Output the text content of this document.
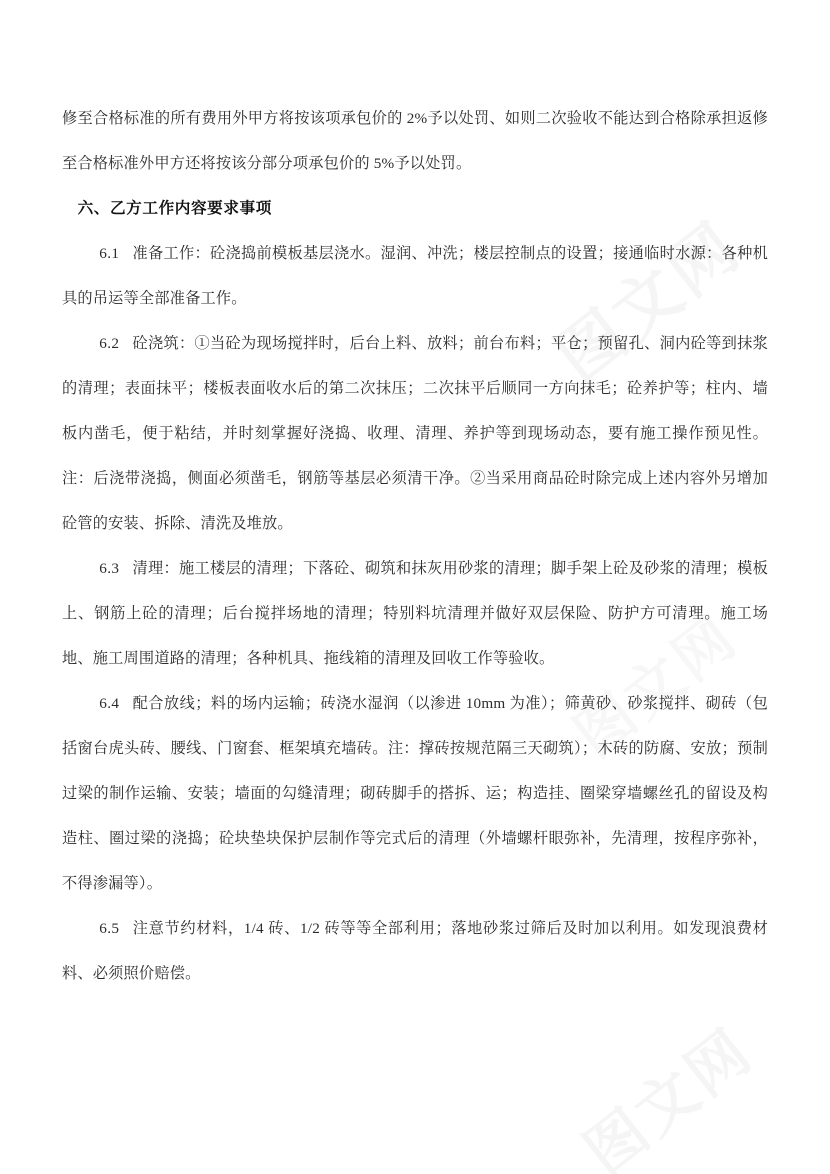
修至合格标准的所有费用外甲方将按该项承包价的 2%予以处罚、如则二次验收不能达到合格除承担返修至合格标准外甲方还将按该分部分项承包价的 5%予以处罚。

六、乙方工作内容要求事项

6.1 准备工作：砼浇捣前模板基层浇水。湿润、冲洗；楼层控制点的设置；接通临时水源：各种机具的吊运等全部准备工作。

6.2 砼浇筑：①当砼为现场搅拌时，后台上料、放料；前台布料；平仓；预留孔、洞内砼等到抹浆的清理；表面抹平；楼板表面收水后的第二次抹压；二次抹平后顺同一方向抹毛；砼养护等；柱内、墙板内凿毛，便于粘结，并时刻掌握好浇捣、收理、清理、养护等到现场动态，要有施工操作预见性。注：后浇带浇捣，侧面必须凿毛，钢筋等基层必须清干净。②当采用商品砼时除完成上述内容外另增加砼管的安装、拆除、清洗及堆放。

6.3 清理：施工楼层的清理；下落砼、砌筑和抹灰用砂浆的清理；脚手架上砼及砂浆的清理；模板上、钢筋上砼的清理；后台搅拌场地的清理；特别料坑清理并做好双层保险、防护方可清理。施工场地、施工周围道路的清理；各种机具、拖线箱的清理及回收工作等验收。

6.4 配合放线；料的场内运输；砖浇水湿润（以渗进 10mm 为准）；筛黄砂、砂浆搅拌、砌砖（包括窗台虎头砖、腰线、门窗套、框架填充墙砖。注：撑砖按规范隔三天砌筑）；木砖的防腐、安放；预制过梁的制作运输、安装；墙面的勾缝清理；砌砖脚手的搭拆、运；构造挂、圈梁穿墙螺丝孔的留设及构造柱、圈过梁的浇捣；砼块垫块保护层制作等完式后的清理（外墙螺杆眼弥补，先清理，按程序弥补，不得渗漏等）。

6.5 注意节约材料，1/4 砖、1/2 砖等等全部利用；落地砂浆过筛后及时加以利用。如发现浪费材料、必须照价赔偿。
